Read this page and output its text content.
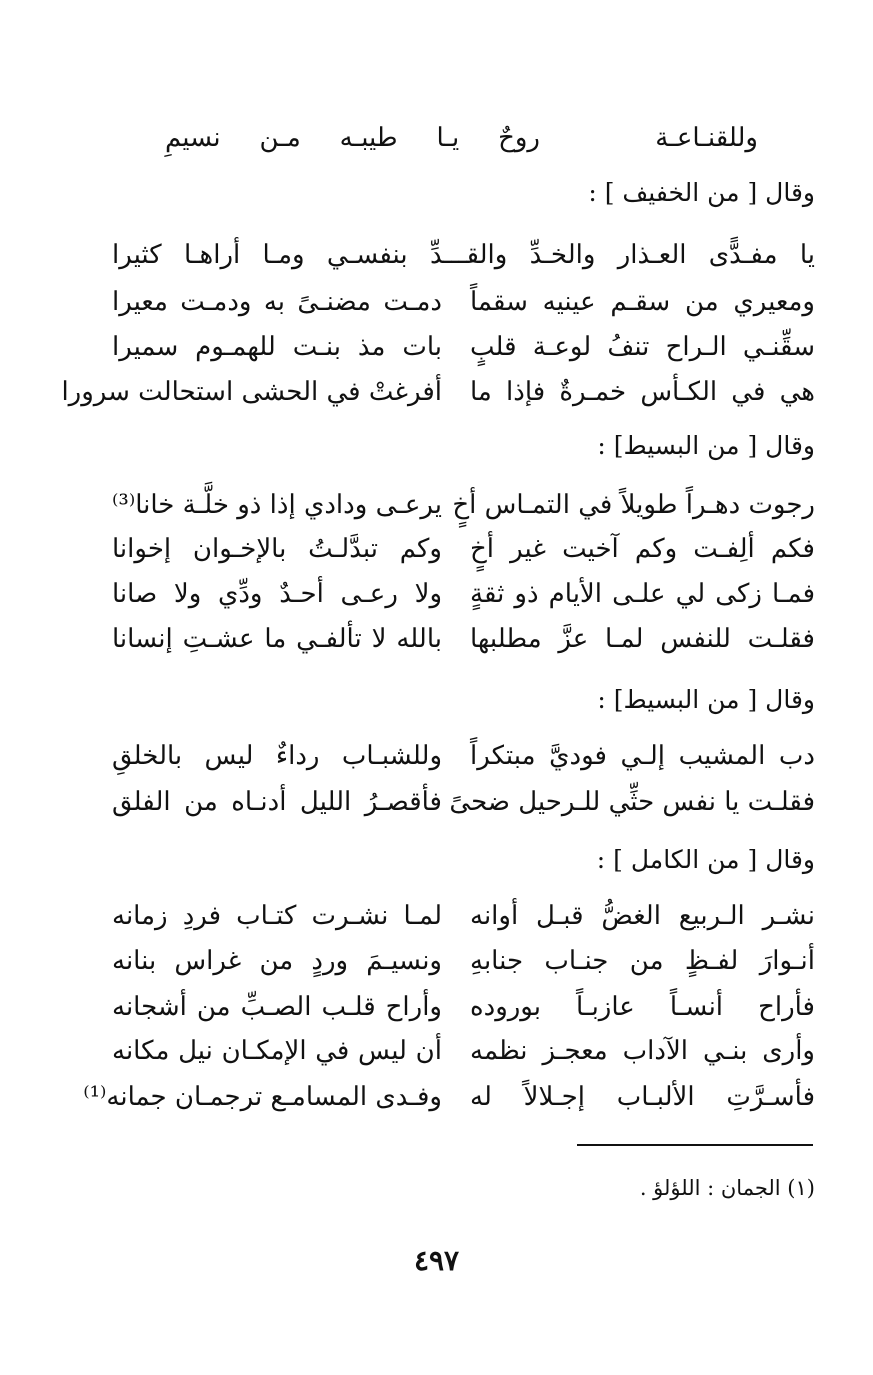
وللقنـاعـة
روحٌ يـا طيبـه مـن نسيمِ
وقال [ من الخفيف ] :
يا مفـدًّى العـذار والخـدِّ والقـــدِّ بنفسـي ومـا أراهـا كثيرا
ومعيري من سقـم عينيه سقماً
دمـت مضنـىً به ودمـت معيرا
سقِّنـي الـراح تنفُ لوعـة قلبٍ
بات مذ بنـت للهمـوم سميرا
هي في الكـأس خمـرةٌ فإذا ما
أفرغتْ في الحشى استحالت سرورا
وقال [ من البسيط] :
رجوت دهـراً طويلاً في التمـاس أخٍ
يرعـى ودادي إذا ذو خلَّـة خانا⁽³⁾
فكم ألِفـت وكم آخيت غير أخٍ
وكم تبدَّلـتُ بالإخـوان إخوانا
فمـا زكى لي علـى الأيام ذو ثقةٍ
ولا رعـى أحـدٌ ودِّي ولا صانا
فقلـت للنفس لمـا عزَّ مطلبها
بالله لا تألفـي ما عشـتِ إنسانا
وقال [ من البسيط] :
دب المشيب إلـي فوديَّ مبتكراً
وللشبـاب رداءٌ ليس بالخلقِ
فقلـت يا نفس حثِّي للـرحيل ضحىً
فأقصـرُ الليل أدنـاه من الفلق
وقال [ من الكامل ] :
نشـر الـربيع الغضُّ قبـل أوانه
لمـا نشـرت كتـاب فردِ زمانه
أنـوارَ لفـظٍ من جنـاب جنابهِ
ونسيـمَ وردٍ من غراس بنانه
فأراح أنسـاً عازبـاً بوروده
وأراح قلـب الصـبِّ من أشجانه
وأرى بنـي الآداب معجـز نظمه
أن ليس في الإمكـان نيل مكانه
فأسـرَّتِ الألبـاب إجـلالاً له
وفـدى المسامـع ترجمـان جمانه⁽¹⁾
(١) الجمان : اللؤلؤ .
٤٩٧
